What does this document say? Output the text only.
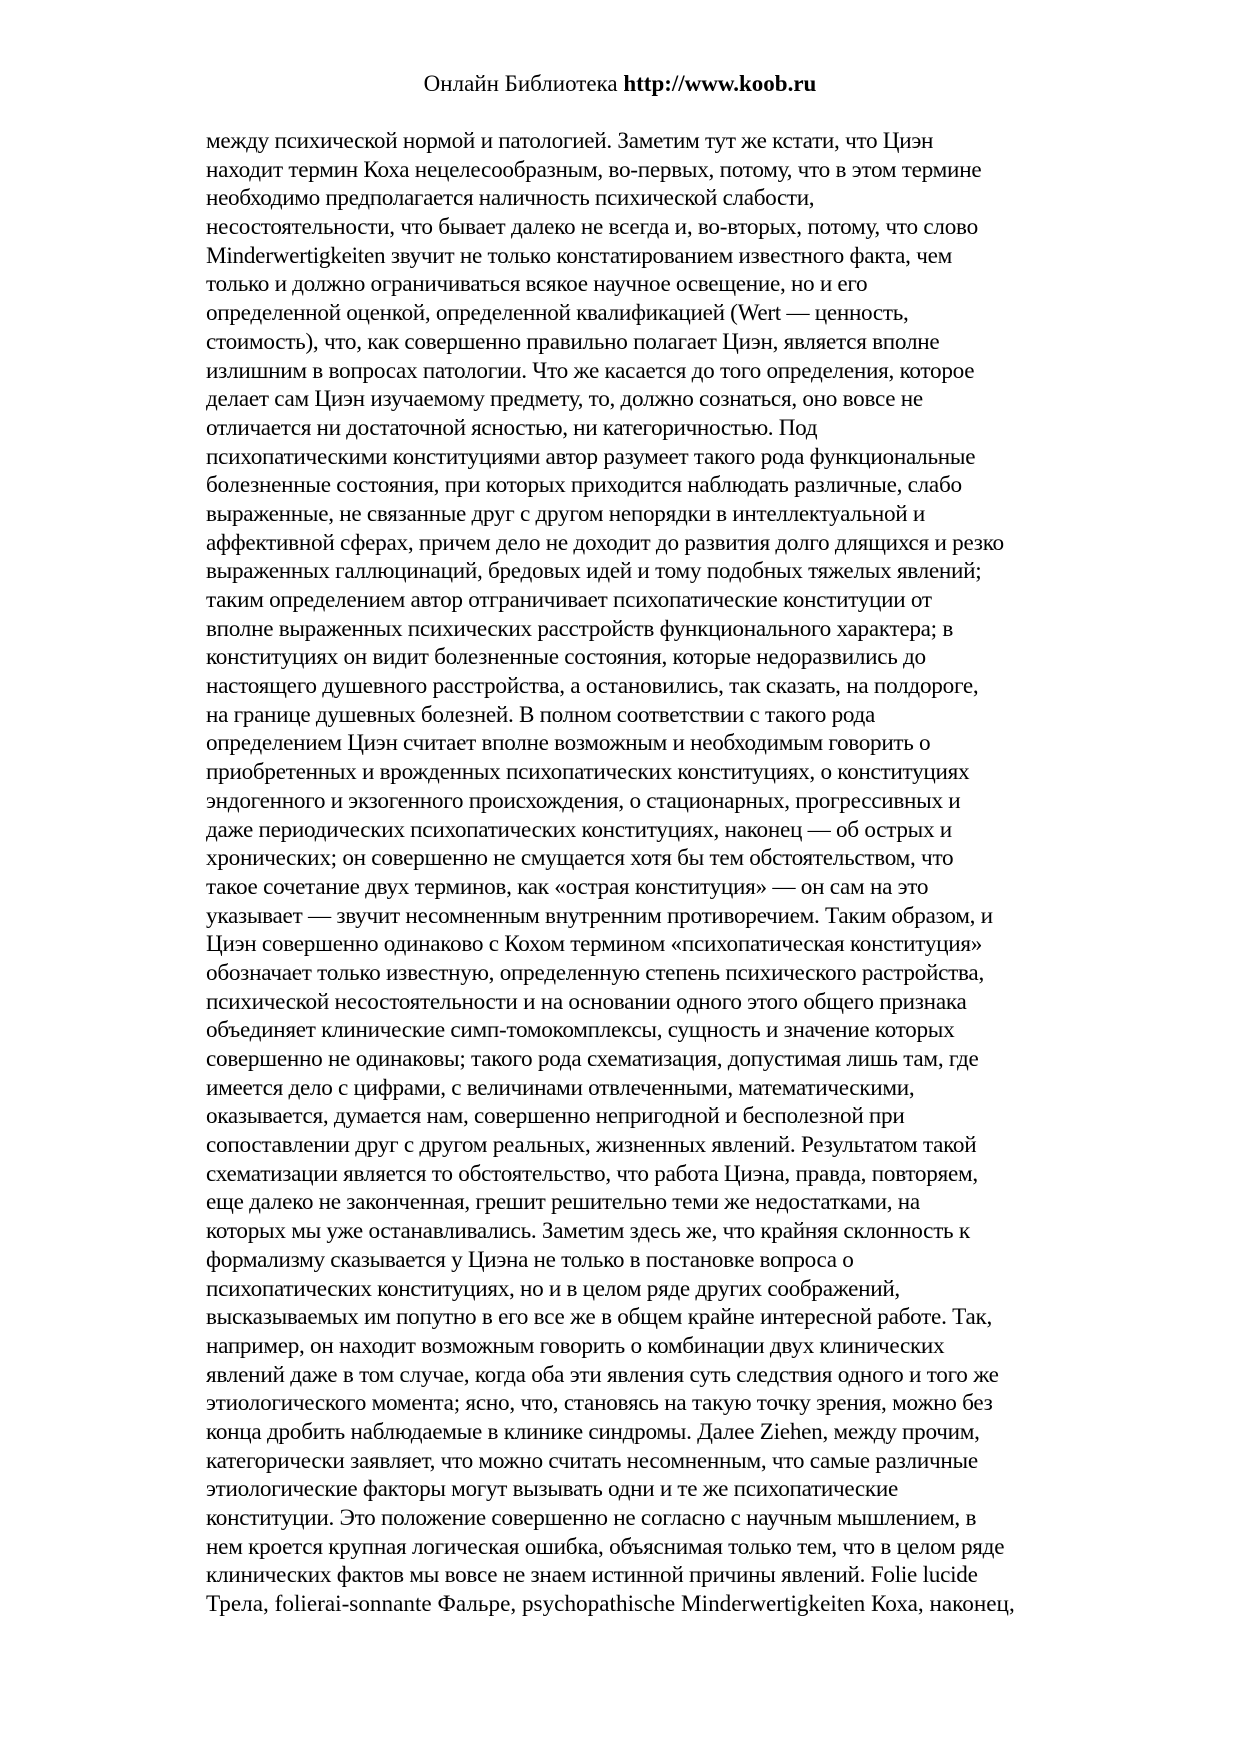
Онлайн Библиотека http://www.koob.ru
между психической нормой и патологией. Заметим тут же кстати, что Циэн
находит термин Коха нецелесообразным, во-первых, потому, что в этом термине
необходимо предполагается наличность психической слабости,
несостоятельности, что бывает далеко не всегда и, во-вторых, потому, что слово
Minderwertigkeiten звучит не только констатированием известного факта, чем
только и должно ограничиваться всякое научное освещение, но и его
определенной оценкой, определенной квалификацией (Wert — ценность,
стоимость), что, как совершенно правильно полагает Циэн, является вполне
излишним в вопросах патологии. Что же касается до того определения, которое
делает сам Циэн изучаемому предмету, то, должно сознаться, оно вовсе не
отличается ни достаточной ясностью, ни категоричностью. Под
психопатическими конституциями автор разумеет такого рода функциональные
болезненные состояния, при которых приходится наблюдать различные, слабо
выраженные, не связанные друг с другом непорядки в интеллектуальной и
аффективной сферах, причем дело не доходит до развития долго длящихся и резко
выраженных галлюцинаций, бредовых идей и тому подобных тяжелых явлений;
таким определением автор отграничивает психопатические конституции от
вполне выраженных психических расстройств функционального характера; в
конституциях он видит болезненные состояния, которые недоразвились до
настоящего душевного расстройства, а остановились, так сказать, на полдороге,
на границе душевных болезней. В полном соответствии с такого рода
определением Циэн считает вполне возможным и необходимым говорить о
приобретенных и врожденных психопатических конституциях, о конституциях
эндогенного и экзогенного происхождения, о стационарных, прогрессивных и
даже периодических психопатических конституциях, наконец — об острых и
хронических; он совершенно не смущается хотя бы тем обстоятельством, что
такое сочетание двух терминов, как «острая конституция» — он сам на это
указывает — звучит несомненным внутренним противоречием. Таким образом, и
Циэн совершенно одинаково с Кохом термином «психопатическая конституция»
обозначает только известную, определенную степень психического растройства,
психической несостоятельности и на основании одного этого общего признака
объединяет клинические симп-томокомплексы, сущность и значение которых
совершенно не одинаковы; такого рода схематизация, допустимая лишь там, где
имеется дело с цифрами, с величинами отвлеченными, математическими,
оказывается, думается нам, совершенно непригодной и бесполезной при
сопоставлении друг с другом реальных, жизненных явлений. Результатом такой
схематизации является то обстоятельство, что работа Циэна, правда, повторяем,
еще далеко не законченная, грешит решительно теми же недостатками, на
которых мы уже останавливались. Заметим здесь же, что крайняя склонность к
формализму сказывается у Циэна не только в постановке вопроса о
психопатических конституциях, но и в целом ряде других соображений,
высказываемых им попутно в его все же в общем крайне интересной работе. Так,
например, он находит возможным говорить о комбинации двух клинических
явлений даже в том случае, когда оба эти явления суть следствия одного и того же
этиологического момента; ясно, что, становясь на такую точку зрения, можно без
конца дробить наблюдаемые в клинике синдромы. Далее Ziehen, между прочим,
категорически заявляет, что можно считать несомненным, что самые различные
этиологические факторы могут вызывать одни и те же психопатические
конституции. Это положение совершенно не согласно с научным мышлением, в
нем кроется крупная логическая ошибка, объяснимая только тем, что в целом ряде
клинических фактов мы вовсе не знаем истинной причины явлений. Folie lucide
Трела, folierai-sonnante Фальре, psychopathische Minderwertigkeiten Коха, наконец,
